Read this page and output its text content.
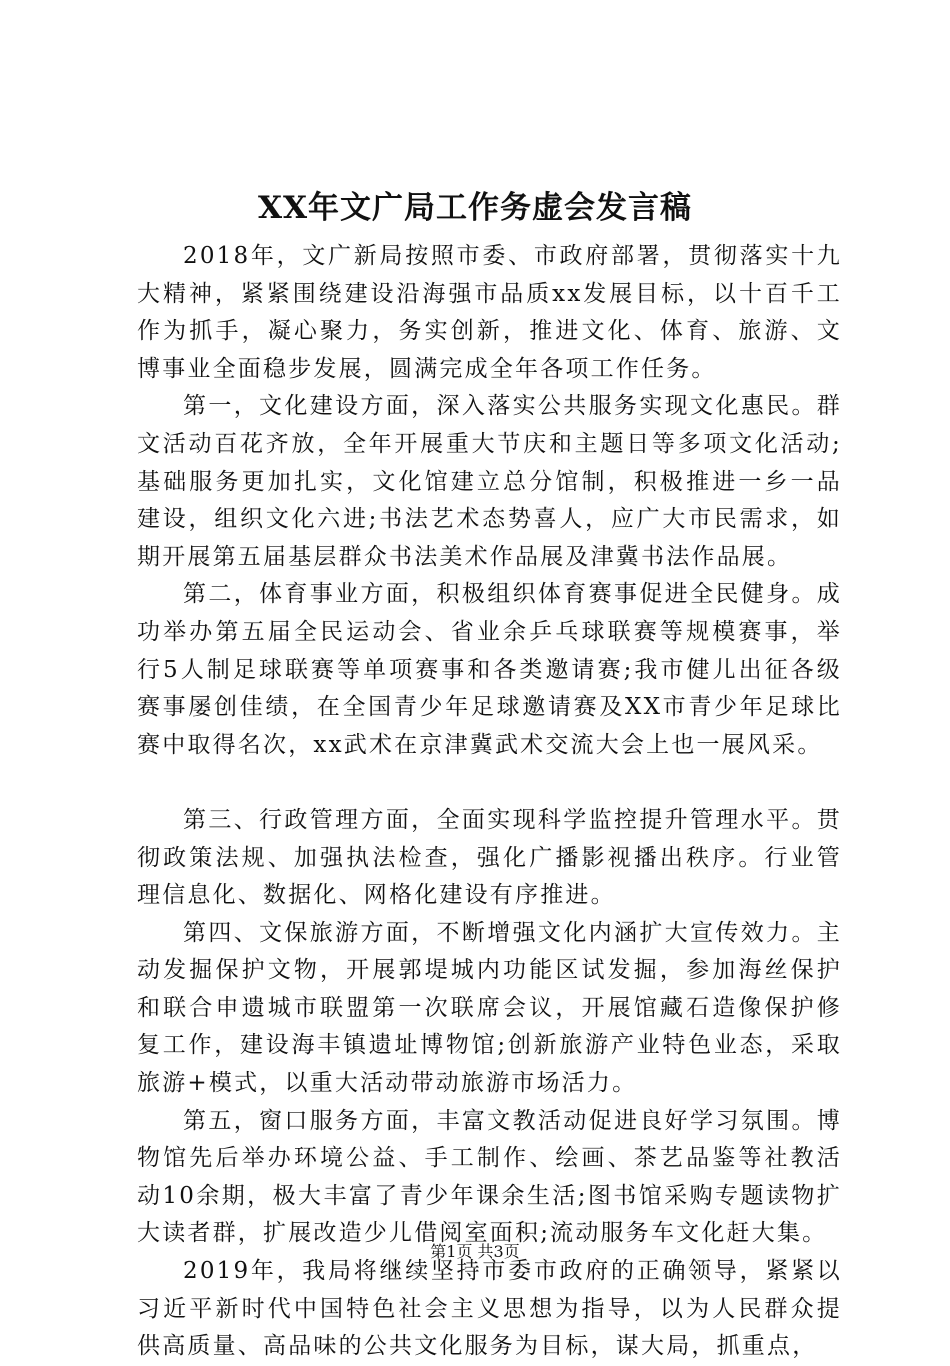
XX年文广局工作务虚会发言稿

2018年，文广新局按照市委、市政府部署，贯彻落实十九大精神，紧紧围绕建设沿海强市品质xx发展目标，以十百千工作为抓手，凝心聚力，务实创新，推进文化、体育、旅游、文博事业全面稳步发展，圆满完成全年各项工作任务。

第一，文化建设方面，深入落实公共服务实现文化惠民。群文活动百花齐放，全年开展重大节庆和主题日等多项文化活动;基础服务更加扎实，文化馆建立总分馆制，积极推进一乡一品建设，组织文化六进;书法艺术态势喜人，应广大市民需求，如期开展第五届基层群众书法美术作品展及津冀书法作品展。

第二，体育事业方面，积极组织体育赛事促进全民健身。成功举办第五届全民运动会、省业余乒乓球联赛等规模赛事，举行5人制足球联赛等单项赛事和各类邀请赛;我市健儿出征各级赛事屡创佳绩，在全国青少年足球邀请赛及XX市青少年足球比赛中取得名次，xx武术在京津冀武术交流大会上也一展风采。

第三、行政管理方面，全面实现科学监控提升管理水平。贯彻政策法规、加强执法检查，强化广播影视播出秩序。行业管理信息化、数据化、网格化建设有序推进。

第四、文保旅游方面，不断增强文化内涵扩大宣传效力。主动发掘保护文物，开展郭堤城内功能区试发掘，参加海丝保护和联合申遗城市联盟第一次联席会议，开展馆藏石造像保护修复工作，建设海丰镇遗址博物馆;创新旅游产业特色业态，采取旅游+模式，以重大活动带动旅游市场活力。

第五，窗口服务方面，丰富文教活动促进良好学习氛围。博物馆先后举办环境公益、手工制作、绘画、茶艺品鉴等社教活动10余期，极大丰富了青少年课余生活;图书馆采购专题读物扩大读者群，扩展改造少儿借阅室面积;流动服务车文化赶大集。

2019年，我局将继续坚持市委市政府的正确领导，紧紧以习近平新时代中国特色社会主义思想为指导，以为人民群众提供高质量、高品味的公共文化服务为目标，谋大局，抓重点，

第1页 共3页
